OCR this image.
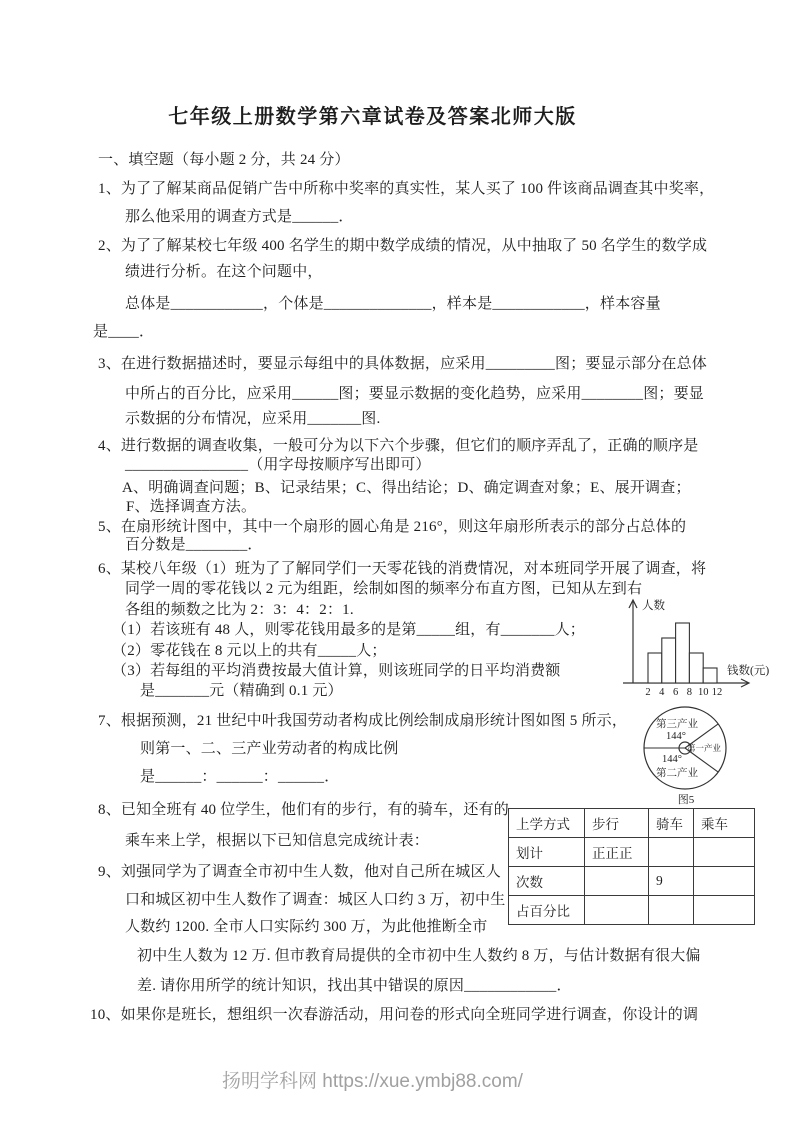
七年级上册数学第六章试卷及答案北师大版
一、填空题（每小题 2 分，共 24 分）
1、为了了解某商品促销广告中所称中奖率的真实性，某人买了 100 件该商品调查其中奖率，
那么他采用的调查方式是______．
2、为了了解某校七年级 400 名学生的期中数学成绩的情况，从中抽取了 50 名学生的数学成
绩进行分析。在这个问题中，
总体是____________，个体是______________，样本是____________，样本容量
是____．
3、在进行数据描述时，要显示每组中的具体数据，应采用_________图；要显示部分在总体
中所占的百分比，应采用______图；要显示数据的变化趋势，应采用________图；要显
示数据的分布情况，应采用_______图.
4、进行数据的调查收集，一般可分为以下六个步骤，但它们的顺序弄乱了，正确的顺序是
________________（用字母按顺序写出即可）
A、明确调查问题；B、记录结果；C、得出结论；D、确定调查对象；E、展开调查；
F、选择调查方法。
5、在扇形统计图中，其中一个扇形的圆心角是 216°，则这年扇形所表示的部分占总体的
百分数是________．
6、某校八年级（1）班为了了解同学们一天零花钱的消费情况，对本班同学开展了调查，将
同学一周的零花钱以 2 元为组距，绘制如图的频率分布直方图，已知从左到右
各组的频数之比为 2：3：4：2：1.
（1）若该班有 48 人，则零花钱用最多的是第_____组，有_______人；
（2）零花钱在 8 元以上的共有_____人；
（3）若每组的平均消费按最大值计算，则该班同学的日平均消费额
是_______元（精确到 0.1 元）	2 4 6 8 10 12
人数
钱数(元)
7、根据预测，21 世纪中叶我国劳动者构成比例绘制成扇形统计图如图 5 所示，
则第一、二、三产业劳动者的构成比例
是______：______：______．
第三产业
144°
第一产业
144°
第二产业
图5
8、已知全班有 40 位学生，他们有的步行，有的骑车，还有的
乘车来上学，根据以下已知信息完成统计表：
上学方式	步行	骑车	乘车
划计	正正正		
次数		9	
占百分比			
9、刘强同学为了调查全市初中生人数，他对自己所在城区人
口和城区初中生人数作了调查：城区人口约 3 万，初中生
人数约 1200. 全市人口实际约 300 万，为此他推断全市
初中生人数为 12 万. 但市教育局提供的全市初中生人数约 8 万，与估计数据有很大偏
差. 请你用所学的统计知识，找出其中错误的原因____________．
10、如果你是班长，想组织一次春游活动，用问卷的形式向全班同学进行调查，你设计的调
扬明学科网 https://xue.ymbj88.com/
